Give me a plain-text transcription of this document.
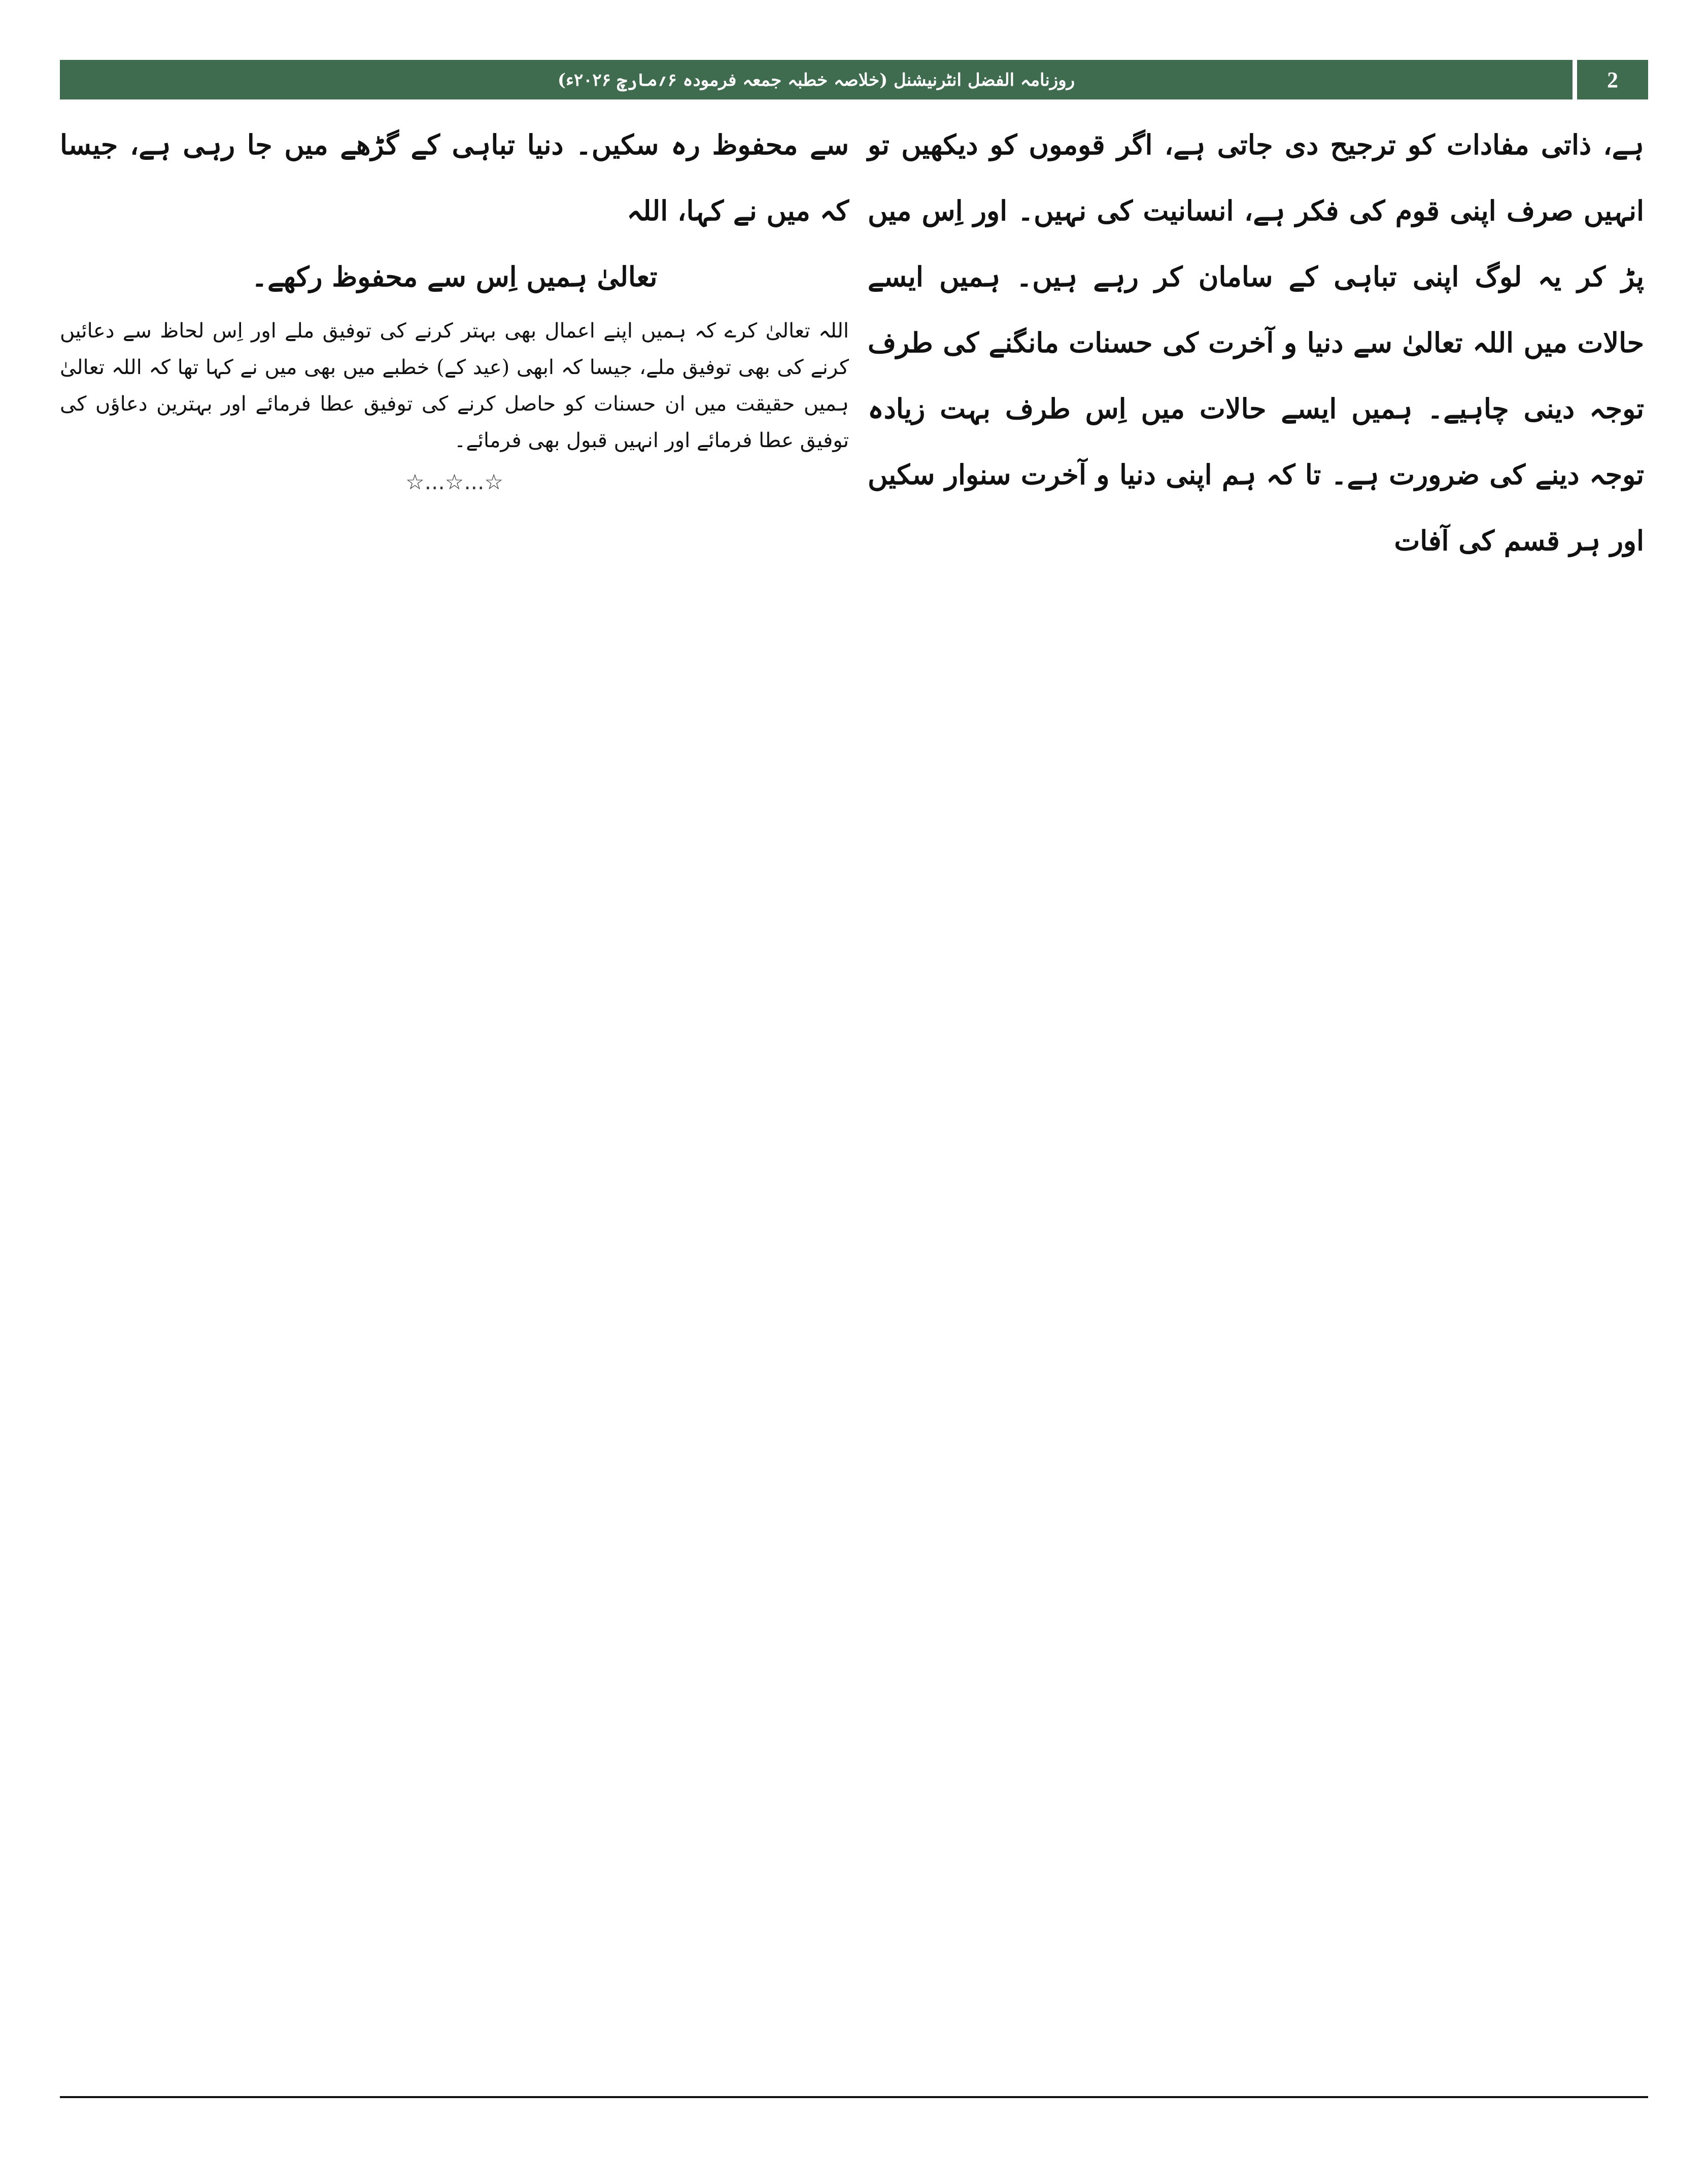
روزنامہ الفضل انٹرنیشنل (خلاصہ خطبہ جمعہ فرمودہ ۶؍مارچ ۲۰۲۶ء)	2
ہے، ذاتی مفادات کو ترجیح دی جاتی ہے، اگر قوموں کو دیکھیں تو انہیں صرف اپنی قوم کی فکر ہے، انسانیت کی نہیں۔ اور اِس میں پڑ کر یہ لوگ اپنی تباہی کے سامان کر رہے ہیں۔ ہمیں ایسے حالات میں اللہ تعالیٰ سے دنیا و آخرت کی حسنات مانگنے کی طرف توجہ دینی چاہیے۔ ہمیں ایسے حالات میں اِس طرف بہت زیادہ توجہ دینے کی ضرورت ہے۔ تا کہ ہم اپنی دنیا و آخرت سنوار سکیں اور ہر قسم کی آفات

سے محفوظ رہ سکیں۔ دنیا تباہی کے گڑھے میں جا رہی ہے، جیسا کہ میں نے کہا، اللہ

تعالیٰ ہمیں اِس سے محفوظ رکھے۔

اللہ تعالیٰ کرے کہ ہمیں اپنے اعمال بھی بہتر کرنے کی توفیق ملے اور اِس لحاظ سے دعائیں کرنے کی بھی توفیق ملے، جیسا کہ ابھی (عید کے) خطبے میں بھی میں نے کہا تھا کہ اللہ تعالیٰ ہمیں حقیقت میں ان حسنات کو حاصل کرنے کی توفیق عطا فرمائے اور بہترین دعاؤں کی توفیق عطا فرمائے اور انہیں قبول بھی فرمائے۔

☆...☆...☆
